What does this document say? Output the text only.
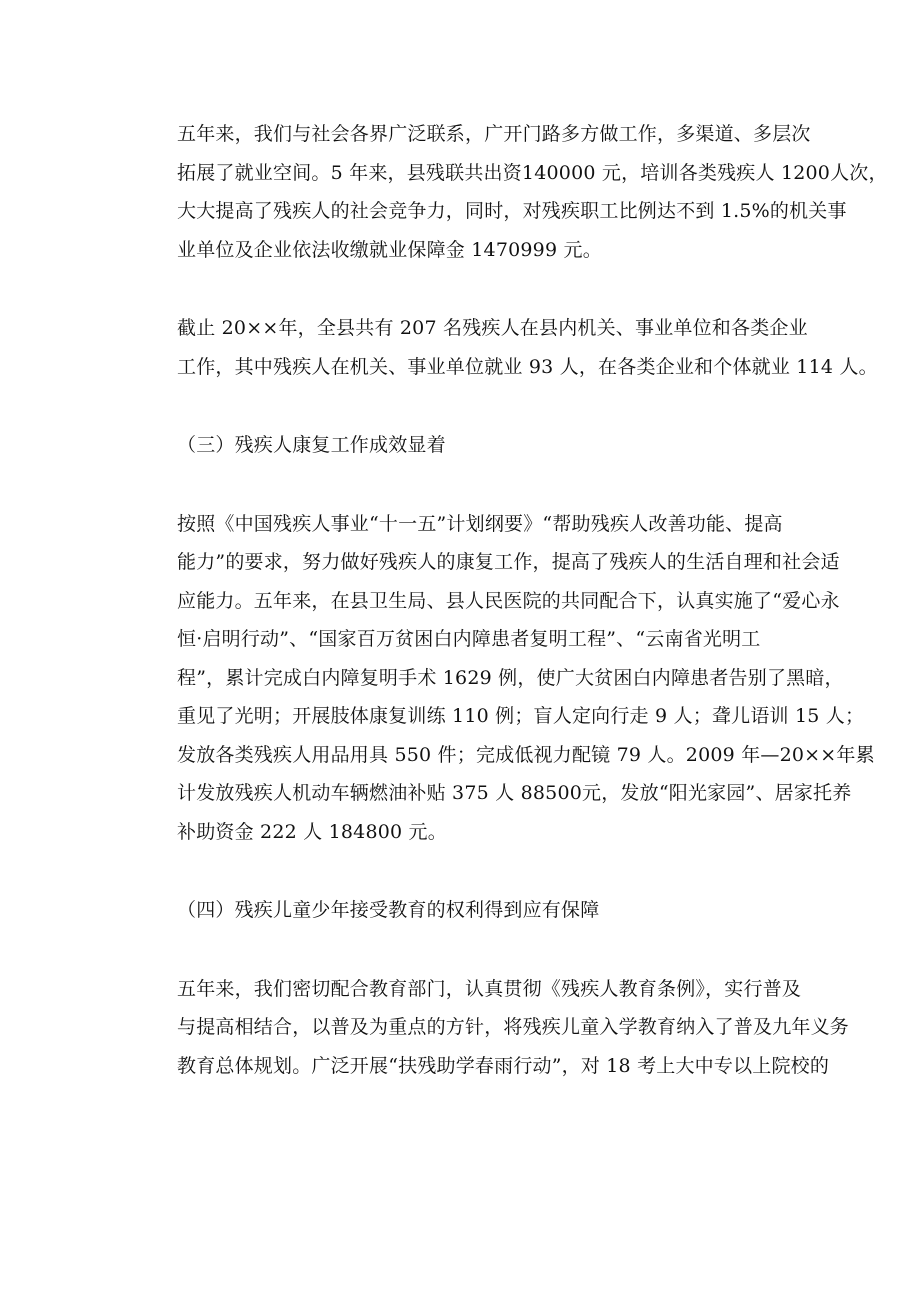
五年来，我们与社会各界广泛联系，广开门路多方做工作，多渠道、多层次
拓展了就业空间。5 年来，县残联共出资140000 元，培训各类残疾人 1200人次，
大大提高了残疾人的社会竞争力，同时，对残疾职工比例达不到 1.5%的机关事
业单位及企业依法收缴就业保障金 1470999 元。
截止 20××年，全县共有 207 名残疾人在县内机关、事业单位和各类企业
工作，其中残疾人在机关、事业单位就业 93 人，在各类企业和个体就业 114 人。
（三）残疾人康复工作成效显着
按照《中国残疾人事业“十一五”计划纲要》“帮助残疾人改善功能、提高
能力”的要求，努力做好残疾人的康复工作，提高了残疾人的生活自理和社会适
应能力。五年来，在县卫生局、县人民医院的共同配合下，认真实施了“爱心永
恒·启明行动”、“国家百万贫困白内障患者复明工程”、“云南省光明工
程”，累计完成白内障复明手术 1629 例，使广大贫困白内障患者告别了黑暗，
重见了光明；开展肢体康复训练 110 例；盲人定向行走 9 人；聋儿语训 15 人；
发放各类残疾人用品用具 550 件；完成低视力配镜 79 人。2009 年—20××年累
计发放残疾人机动车辆燃油补贴 375 人 88500元，发放“阳光家园”、居家托养
补助资金 222 人 184800 元。
（四）残疾儿童少年接受教育的权利得到应有保障
五年来，我们密切配合教育部门，认真贯彻《残疾人教育条例》，实行普及
与提高相结合，以普及为重点的方针，将残疾儿童入学教育纳入了普及九年义务
教育总体规划。广泛开展“扶残助学春雨行动”，对 18 考上大中专以上院校的
